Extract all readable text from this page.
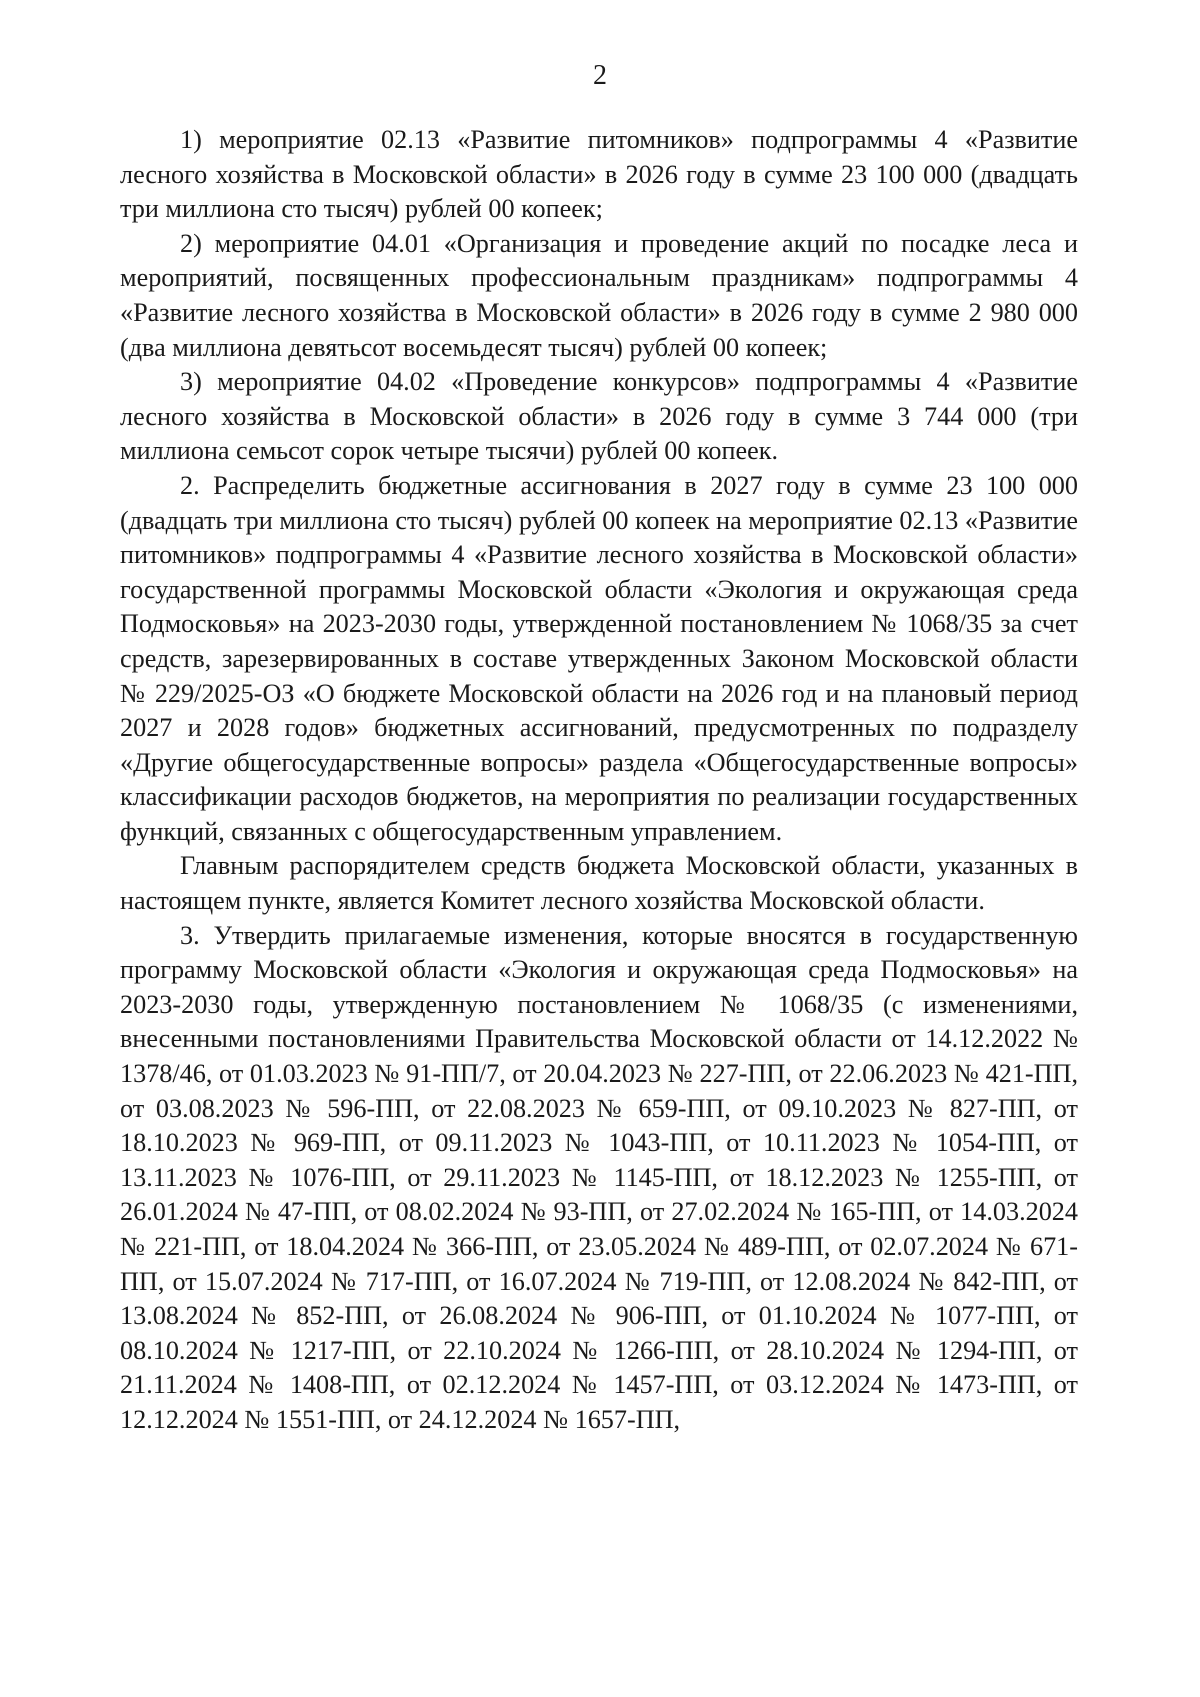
2

1) мероприятие 02.13 «Развитие питомников» подпрограммы 4 «Развитие лесного хозяйства в Московской области» в 2026 году в сумме 23 100 000 (двадцать три миллиона сто тысяч) рублей 00 копеек;

2) мероприятие 04.01 «Организация и проведение акций по посадке леса и мероприятий, посвященных профессиональным праздникам» подпрограммы 4 «Развитие лесного хозяйства в Московской области» в 2026 году в сумме 2 980 000 (два миллиона девятьсот восемьдесят тысяч) рублей 00 копеек;

3) мероприятие 04.02 «Проведение конкурсов» подпрограммы 4 «Развитие лесного хозяйства в Московской области» в 2026 году в сумме 3 744 000 (три миллиона семьсот сорок четыре тысячи) рублей 00 копеек.

2. Распределить бюджетные ассигнования в 2027 году в сумме 23 100 000 (двадцать три миллиона сто тысяч) рублей 00 копеек на мероприятие 02.13 «Развитие питомников» подпрограммы 4 «Развитие лесного хозяйства в Московской области» государственной программы Московской области «Экология и окружающая среда Подмосковья» на 2023-2030 годы, утвержденной постановлением № 1068/35 за счет средств, зарезервированных в составе утвержденных Законом Московской области № 229/2025-ОЗ «О бюджете Московской области на 2026 год и на плановый период 2027 и 2028 годов» бюджетных ассигнований, предусмотренных по подразделу «Другие общегосударственные вопросы» раздела «Общегосударственные вопросы» классификации расходов бюджетов, на мероприятия по реализации государственных функций, связанных с общегосударственным управлением.

Главным распорядителем средств бюджета Московской области, указанных в настоящем пункте, является Комитет лесного хозяйства Московской области.

3. Утвердить прилагаемые изменения, которые вносятся в государственную программу Московской области «Экология и окружающая среда Подмосковья» на 2023-2030 годы, утвержденную постановлением № 1068/35 (с изменениями, внесенными постановлениями Правительства Московской области от 14.12.2022 № 1378/46, от 01.03.2023 № 91-ПП/7, от 20.04.2023 № 227-ПП, от 22.06.2023 № 421-ПП, от 03.08.2023 № 596-ПП, от 22.08.2023 № 659-ПП, от 09.10.2023 № 827-ПП, от 18.10.2023 № 969-ПП, от 09.11.2023 № 1043-ПП, от 10.11.2023 № 1054-ПП, от 13.11.2023 № 1076-ПП, от 29.11.2023 № 1145-ПП, от 18.12.2023 № 1255-ПП, от 26.01.2024 № 47-ПП, от 08.02.2024 № 93-ПП, от 27.02.2024 № 165-ПП, от 14.03.2024 № 221-ПП, от 18.04.2024 № 366-ПП, от 23.05.2024 № 489-ПП, от 02.07.2024 № 671-ПП, от 15.07.2024 № 717-ПП, от 16.07.2024 № 719-ПП, от 12.08.2024 № 842-ПП, от 13.08.2024 № 852-ПП, от 26.08.2024 № 906-ПП, от 01.10.2024 № 1077-ПП, от 08.10.2024 № 1217-ПП, от 22.10.2024 № 1266-ПП, от 28.10.2024 № 1294-ПП, от 21.11.2024 № 1408-ПП, от 02.12.2024 № 1457-ПП, от 03.12.2024 № 1473-ПП, от 12.12.2024 № 1551-ПП, от 24.12.2024 № 1657-ПП,
